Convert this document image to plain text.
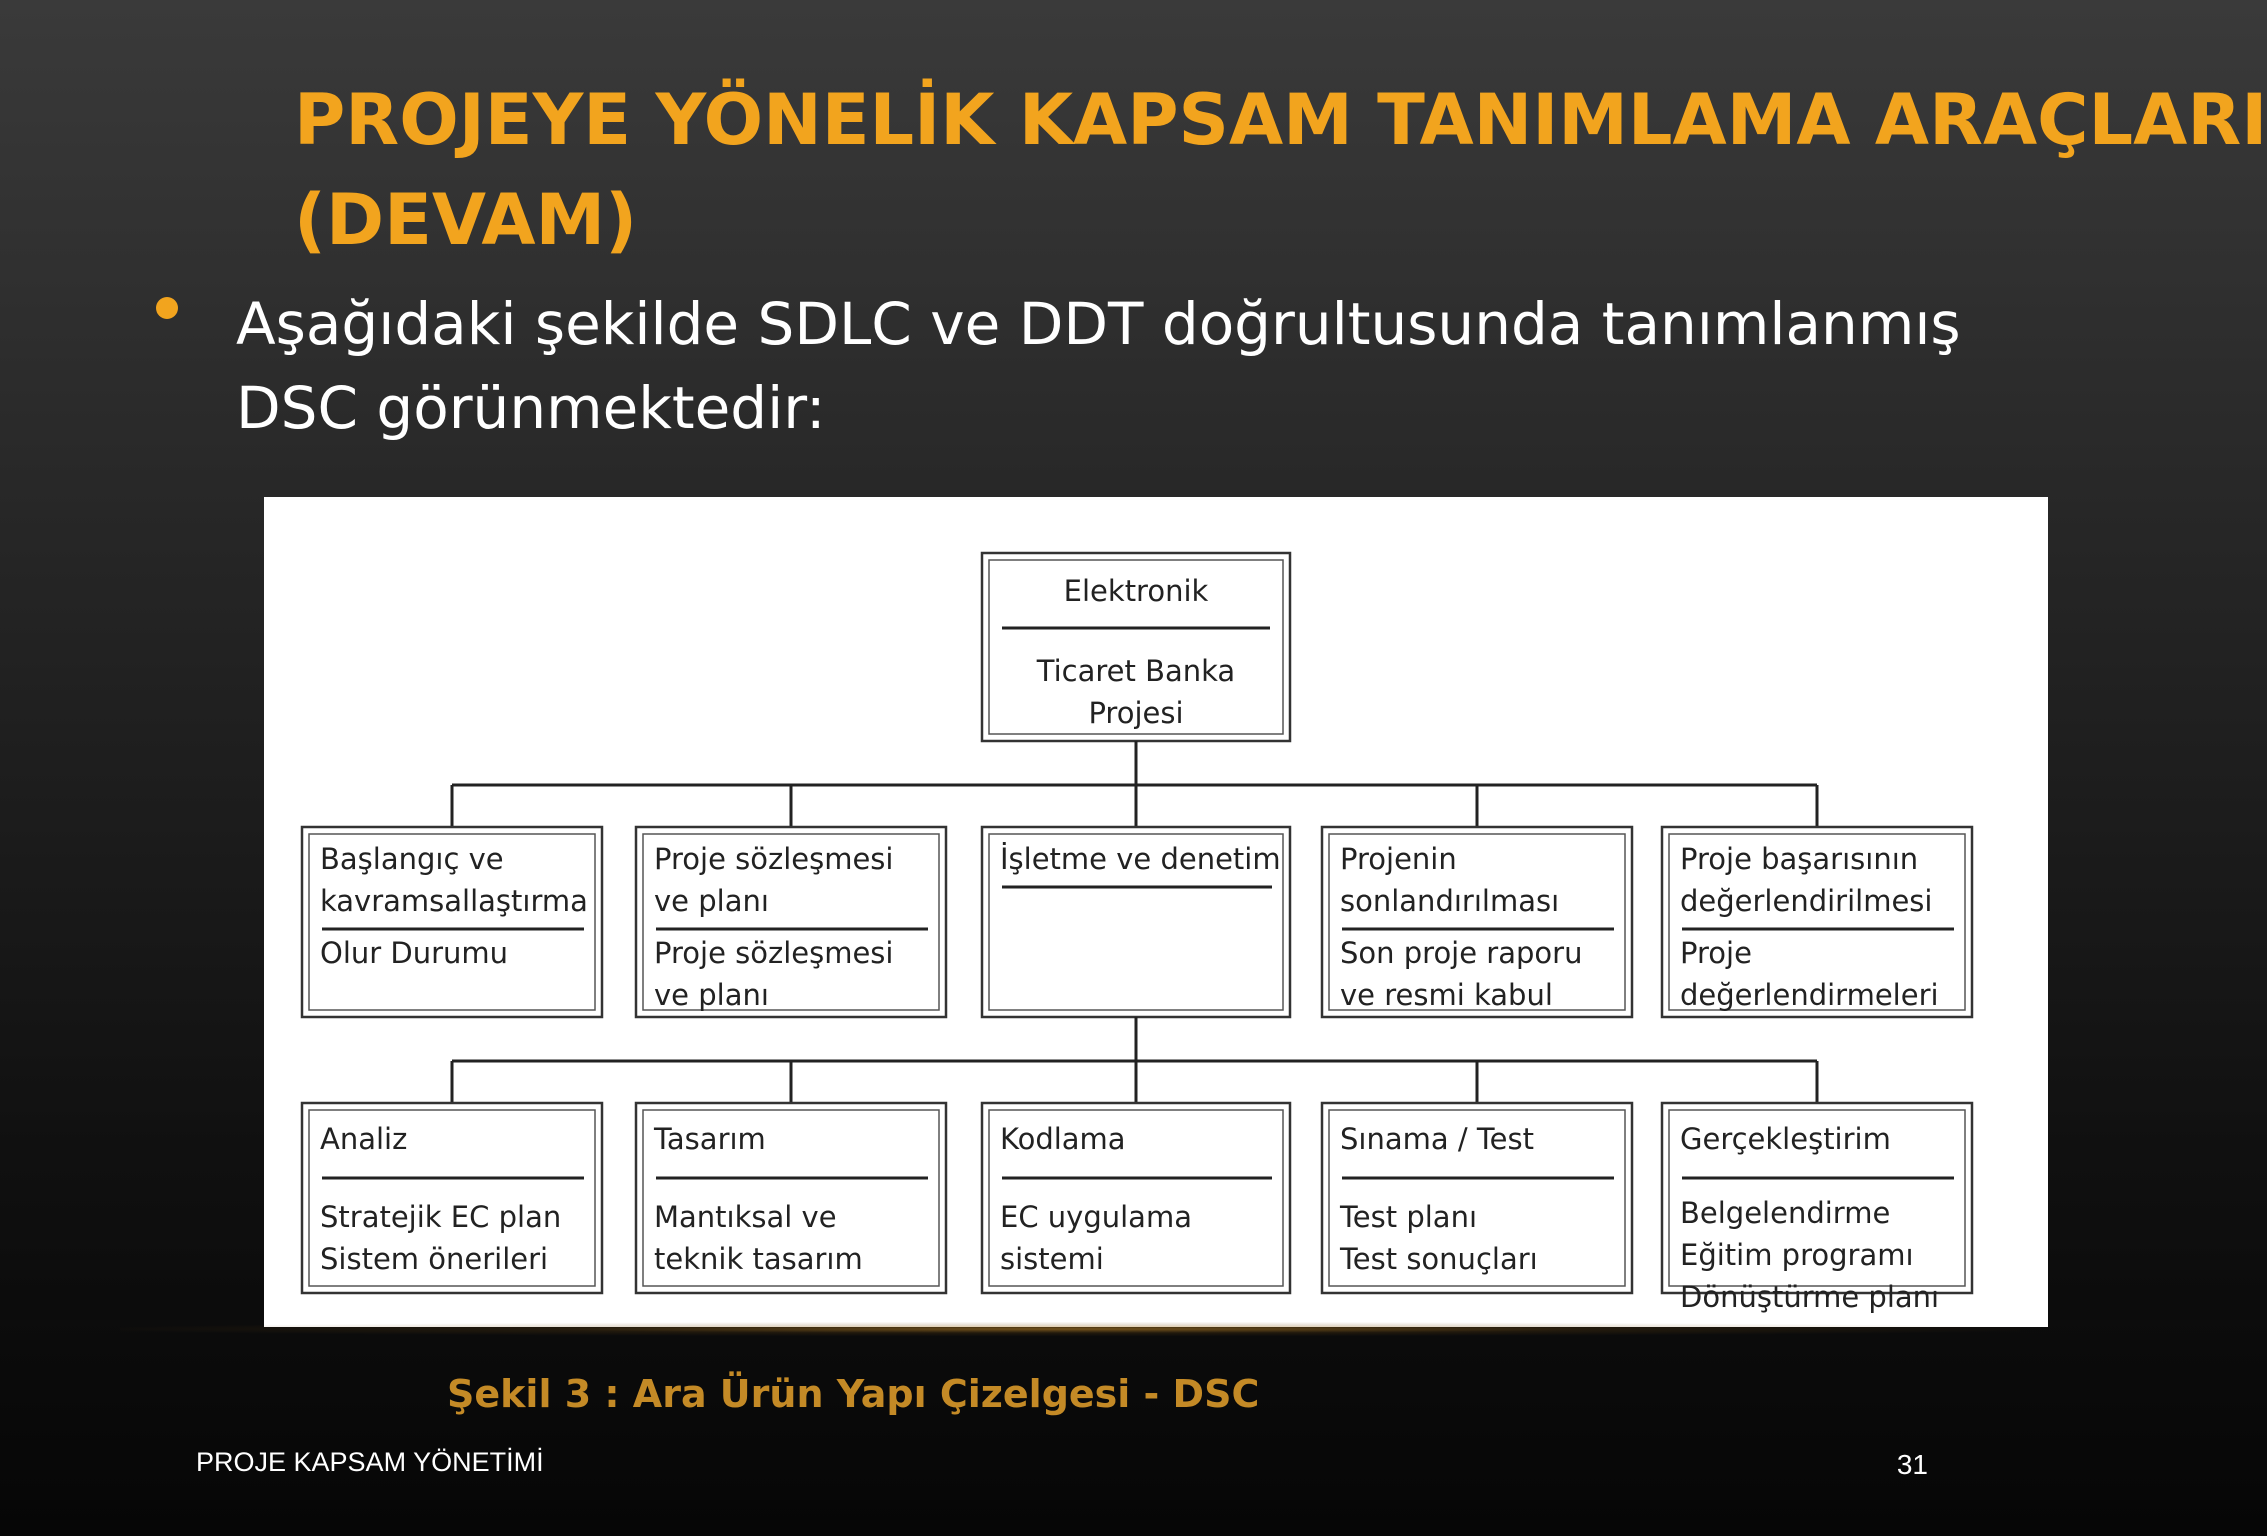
PROJEYE YÖNELİK KAPSAM TANIMLAMA ARAÇLARI
(DEVAM)
Aşağıdaki şekilde SDLC ve DDT doğrultusunda tanımlanmış
DSC görünmektedir:
Elektronik
Ticaret Banka
Projesi
Başlangıç ve
kavramsallaştırma
Olur Durumu
Proje sözleşmesi
ve planı
Proje sözleşmesi
ve planı
İşletme ve denetim Projenin
sonlandırılması
Son proje raporu
ve resmi kabul
Proje başarısının
değerlendirilmesi
Proje
değerlendirmeleri
Analiz
Stratejik EC plan
Sistem önerileri
Tasarım
Mantıksal ve
teknik tasarım
Kodlama
EC uygulama
sistemi
Sınama / Test
Test planı
Test sonuçları
Gerçekleştirim
Belgelendirme
Eğitim programı
Dönüştürme planı
Şekil 3 : Ara Ürün Yapı Çizelgesi - DSC
PROJE KAPSAM YÖNETİMİ	31
